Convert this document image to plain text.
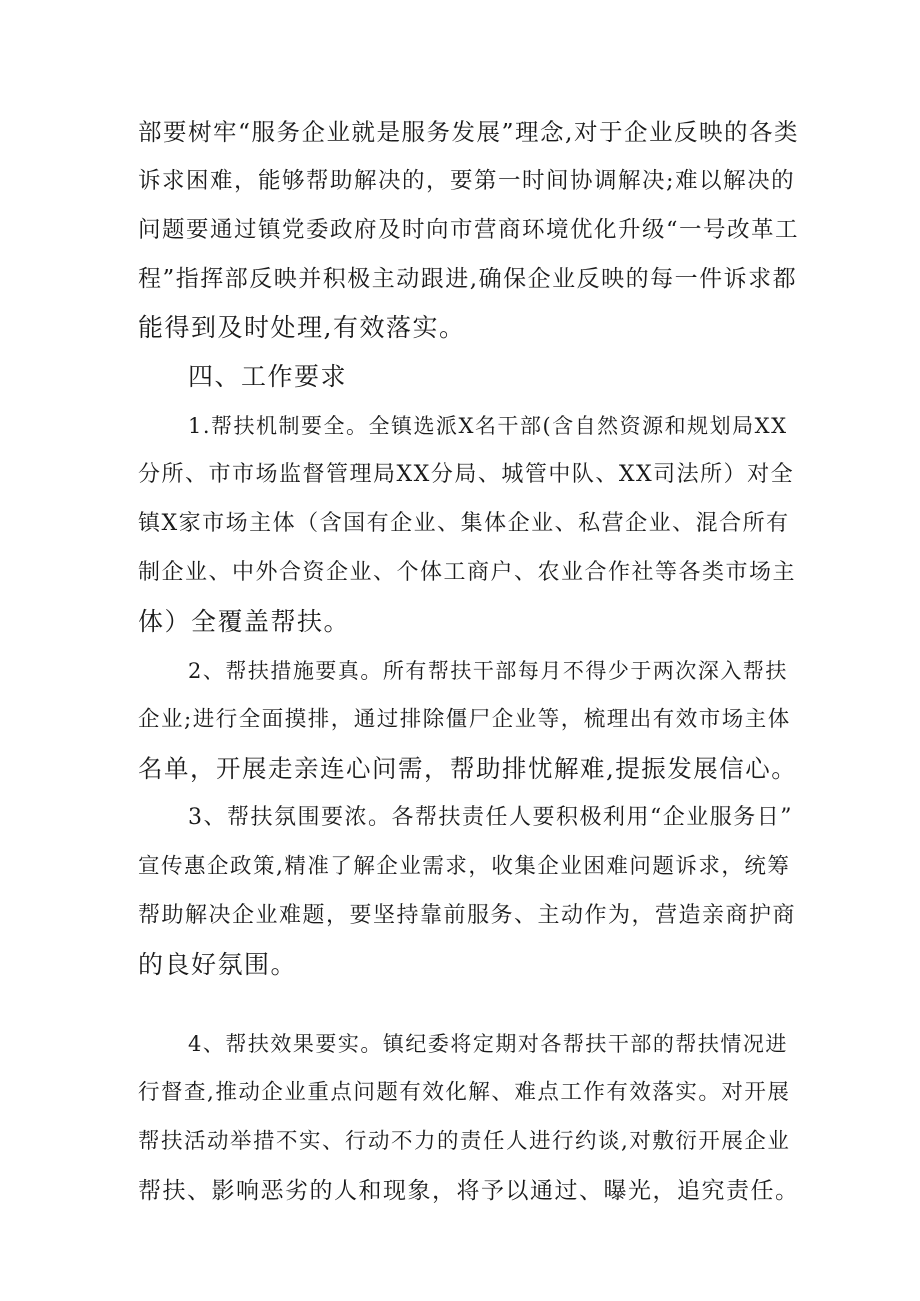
部要树牢“服务企业就是服务发展”理念,对于企业反映的各类
诉求困难，能够帮助解决的，要第一时间协调解决;难以解决的
问题要通过镇党委政府及时向市营商环境优化升级“一号改革工
程”指挥部反映并积极主动跟进,确保企业反映的每一件诉求都
能得到及时处理,有效落实。
四、工作要求
1.帮扶机制要全。全镇选派X名干部(含自然资源和规划局XX
分所、市市场监督管理局XX分局、城管中队、XX司法所）对全
镇X家市场主体（含国有企业、集体企业、私营企业、混合所有
制企业、中外合资企业、个体工商户、农业合作社等各类市场主
体）全覆盖帮扶。
2、帮扶措施要真。所有帮扶干部每月不得少于两次深入帮扶
企业;进行全面摸排，通过排除僵尸企业等，梳理出有效市场主体
名单，开展走亲连心问需，帮助排忧解难,提振发展信心。
3、帮扶氛围要浓。各帮扶责任人要积极利用“企业服务日”
宣传惠企政策,精准了解企业需求，收集企业困难问题诉求，统筹
帮助解决企业难题，要坚持靠前服务、主动作为，营造亲商护商
的良好氛围。
4、帮扶效果要实。镇纪委将定期对各帮扶干部的帮扶情况进
行督查,推动企业重点问题有效化解、难点工作有效落实。对开展
帮扶活动举措不实、行动不力的责任人进行约谈,对敷衍开展企业
帮扶、影响恶劣的人和现象，将予以通过、曝光，追究责任。
